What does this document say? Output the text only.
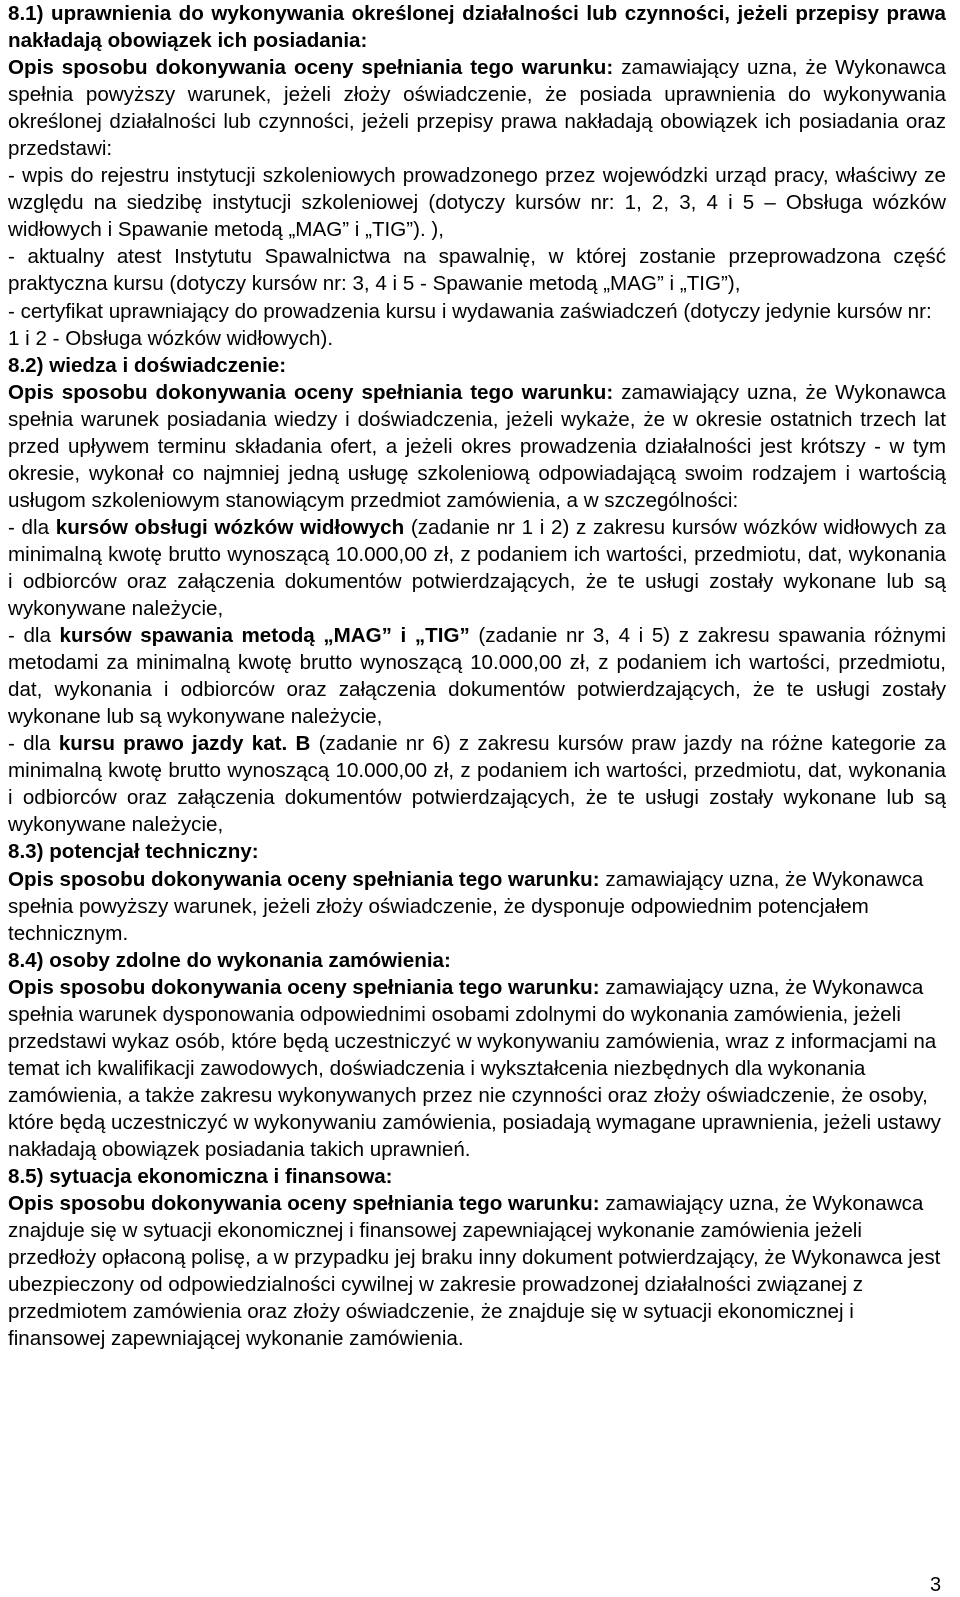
8.1) uprawnienia do wykonywania określonej działalności lub czynności, jeżeli przepisy prawa nakładają obowiązek ich posiadania:

Opis sposobu dokonywania oceny spełniania tego warunku: zamawiający uzna, że Wykonawca spełnia powyższy warunek, jeżeli złoży oświadczenie, że posiada uprawnienia do wykonywania określonej działalności lub czynności, jeżeli przepisy prawa nakładają obowiązek ich posiadania oraz przedstawi:

- wpis do rejestru instytucji szkoleniowych prowadzonego przez wojewódzki urząd pracy, właściwy ze względu na siedzibę instytucji szkoleniowej (dotyczy kursów nr: 1, 2, 3, 4 i 5 – Obsługa wózków widłowych i Spawanie metodą „MAG” i „TIG”). ),

- aktualny atest Instytutu Spawalnictwa na spawalnię, w której zostanie przeprowadzona część praktyczna kursu (dotyczy kursów nr: 3, 4 i 5 - Spawanie metodą „MAG” i „TIG”),

- certyfikat uprawniający do prowadzenia kursu i wydawania zaświadczeń (dotyczy jedynie kursów nr: 1 i 2 - Obsługa wózków widłowych).

8.2) wiedza i doświadczenie:

Opis sposobu dokonywania oceny spełniania tego warunku: zamawiający uzna, że Wykonawca spełnia warunek posiadania wiedzy i doświadczenia, jeżeli wykaże, że w okresie ostatnich trzech lat przed upływem terminu składania ofert, a jeżeli okres prowadzenia działalności jest krótszy - w tym okresie, wykonał co najmniej jedną usługę szkoleniową odpowiadającą swoim rodzajem i wartością usługom szkoleniowym stanowiącym przedmiot zamówienia, a w szczególności:

- dla kursów obsługi wózków widłowych (zadanie nr 1 i 2) z zakresu kursów wózków widłowych za minimalną kwotę brutto wynoszącą 10.000,00 zł, z podaniem ich wartości, przedmiotu, dat, wykonania i odbiorców oraz załączenia dokumentów potwierdzających, że te usługi zostały wykonane lub są wykonywane należycie,

- dla kursów spawania metodą „MAG” i „TIG” (zadanie nr 3, 4 i 5) z zakresu spawania różnymi metodami za minimalną kwotę brutto wynoszącą 10.000,00 zł, z podaniem ich wartości, przedmiotu, dat, wykonania i odbiorców oraz załączenia dokumentów potwierdzających, że te usługi zostały wykonane lub są wykonywane należycie,

- dla kursu prawo jazdy kat. B (zadanie nr 6) z zakresu kursów praw jazdy na różne kategorie za minimalną kwotę brutto wynoszącą 10.000,00 zł, z podaniem ich wartości, przedmiotu, dat, wykonania i odbiorców oraz załączenia dokumentów potwierdzających, że te usługi zostały wykonane lub są wykonywane należycie,

8.3) potencjał techniczny:

Opis sposobu dokonywania oceny spełniania tego warunku: zamawiający uzna, że Wykonawca spełnia powyższy warunek, jeżeli złoży oświadczenie, że dysponuje odpowiednim potencjałem technicznym.

8.4) osoby zdolne do wykonania zamówienia:

Opis sposobu dokonywania oceny spełniania tego warunku: zamawiający uzna, że Wykonawca spełnia warunek dysponowania odpowiednimi osobami zdolnymi do wykonania zamówienia, jeżeli przedstawi wykaz osób, które będą uczestniczyć w wykonywaniu zamówienia, wraz z informacjami na temat ich kwalifikacji zawodowych, doświadczenia i wykształcenia niezbędnych dla wykonania zamówienia, a także zakresu wykonywanych przez nie czynności oraz złoży oświadczenie, że osoby, które będą uczestniczyć w wykonywaniu zamówienia, posiadają wymagane uprawnienia, jeżeli ustawy nakładają obowiązek posiadania takich uprawnień.

8.5) sytuacja ekonomiczna i finansowa:

Opis sposobu dokonywania oceny spełniania tego warunku: zamawiający uzna, że Wykonawca znajduje się w sytuacji ekonomicznej i finansowej zapewniającej wykonanie zamówienia jeżeli przedłoży opłaconą polisę, a w przypadku jej braku inny dokument potwierdzający, że Wykonawca jest ubezpieczony od odpowiedzialności cywilnej w zakresie prowadzonej działalności związanej z przedmiotem zamówienia oraz złoży oświadczenie, że znajduje się w sytuacji ekonomicznej i finansowej zapewniającej wykonanie zamówienia.

3
